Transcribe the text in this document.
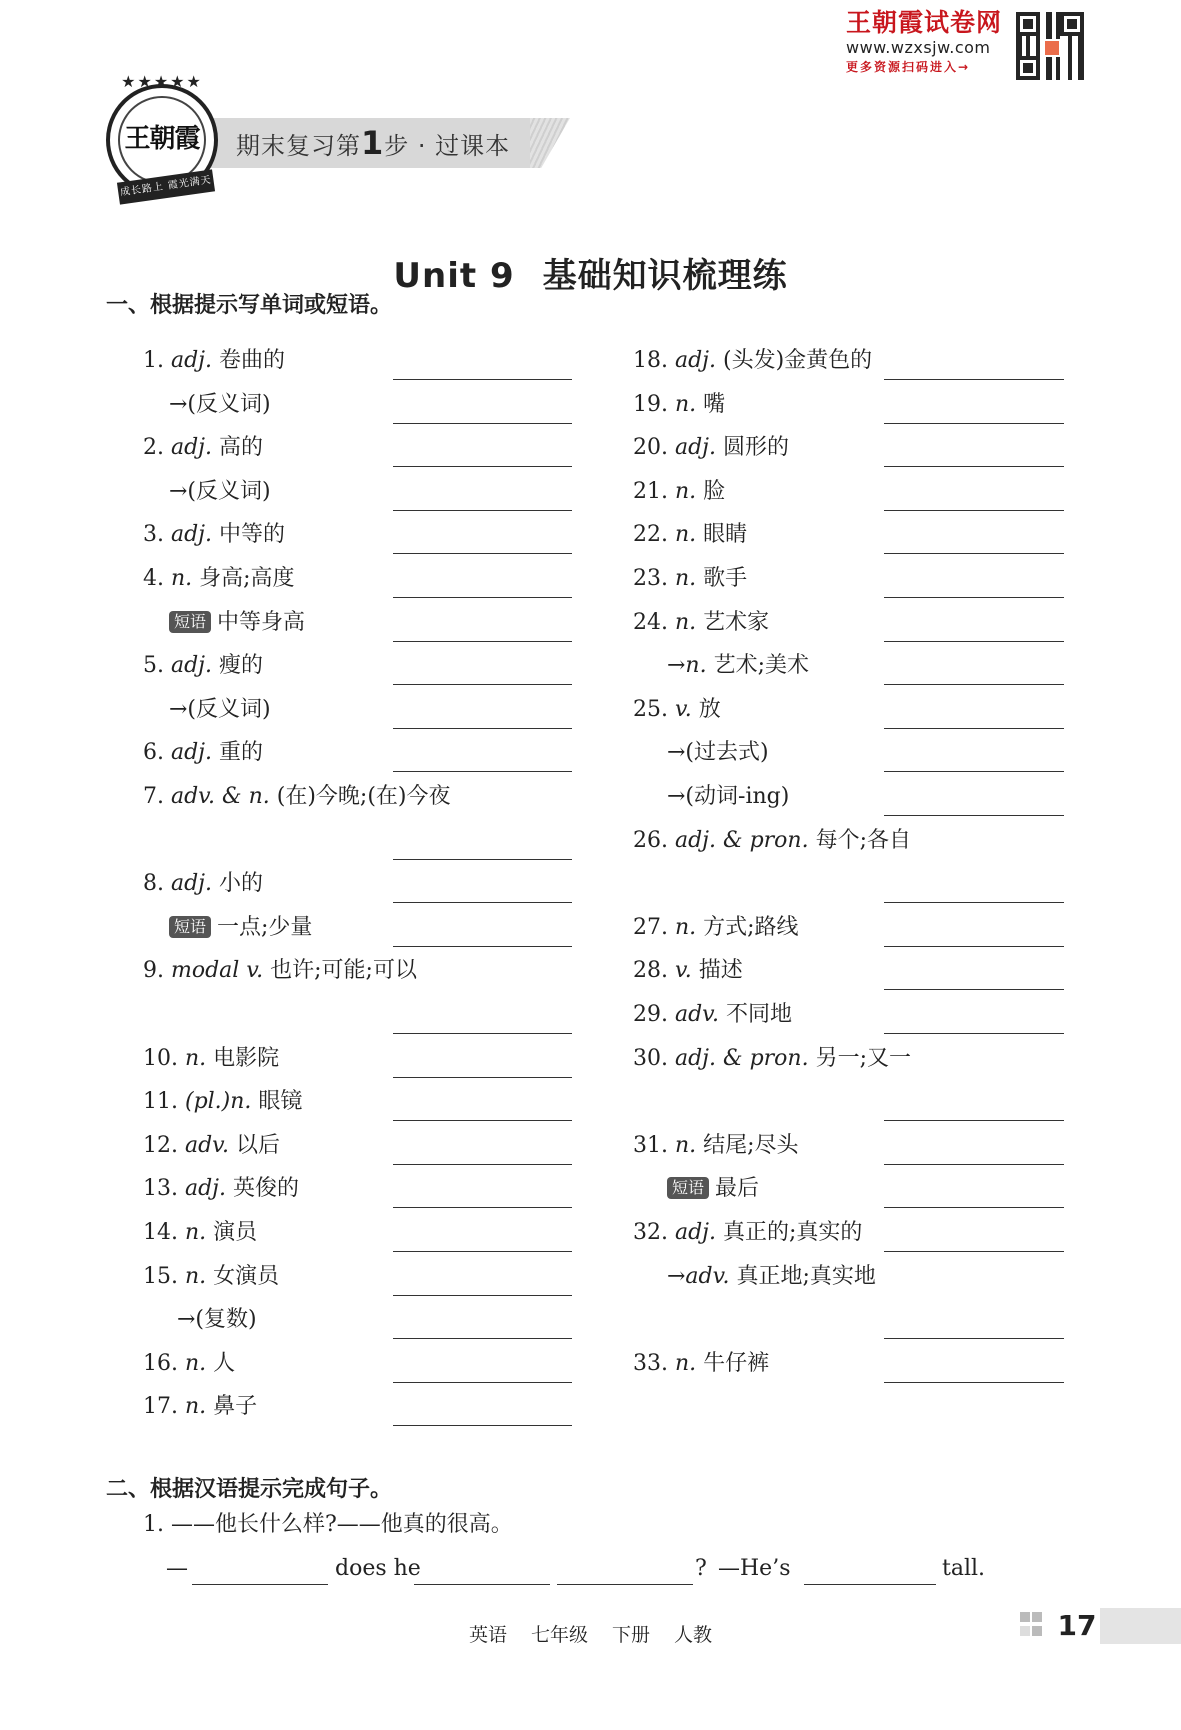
王朝霞试卷网
www.wzxsjw.com
更多资源扫码进入→
期末复习第1步 · 过课本
★★★★★
王朝霞
成长路上 霞光满天
Unit 9 基础知识梳理练
一、根据提示写单词或短语。
1. adj. 卷曲的
→(反义词)
2. adj. 高的
→(反义词)
3. adj. 中等的
4. n. 身高;高度
短语 中等身高
5. adj. 瘦的
→(反义词)
6. adj. 重的
7. adv. & n. (在)今晚;(在)今夜
8. adj. 小的
短语 一点;少量
9. modal v. 也许;可能;可以
10. n. 电影院
11. (pl.)n. 眼镜
12. adv. 以后
13. adj. 英俊的
14. n. 演员
15. n. 女演员
→(复数)
16. n. 人
17. n. 鼻子
18. adj. (头发)金黄色的
19. n. 嘴
20. adj. 圆形的
21. n. 脸
22. n. 眼睛
23. n. 歌手
24. n. 艺术家
→n. 艺术;美术
25. v. 放
→(过去式)
→(动词-ing)
26. adj. & pron. 每个;各自
27. n. 方式;路线
28. v. 描述
29. adv. 不同地
30. adj. & pron. 另一;又一
31. n. 结尾;尽头
短语 最后
32. adj. 真正的;真实的
→adv. 真正地;真实地
33. n. 牛仔裤
二、根据汉语提示完成句子。
1. ——他长什么样?——他真的很高。
—	does he	? —He’s	tall.
英语 七年级 下册 人教	17
